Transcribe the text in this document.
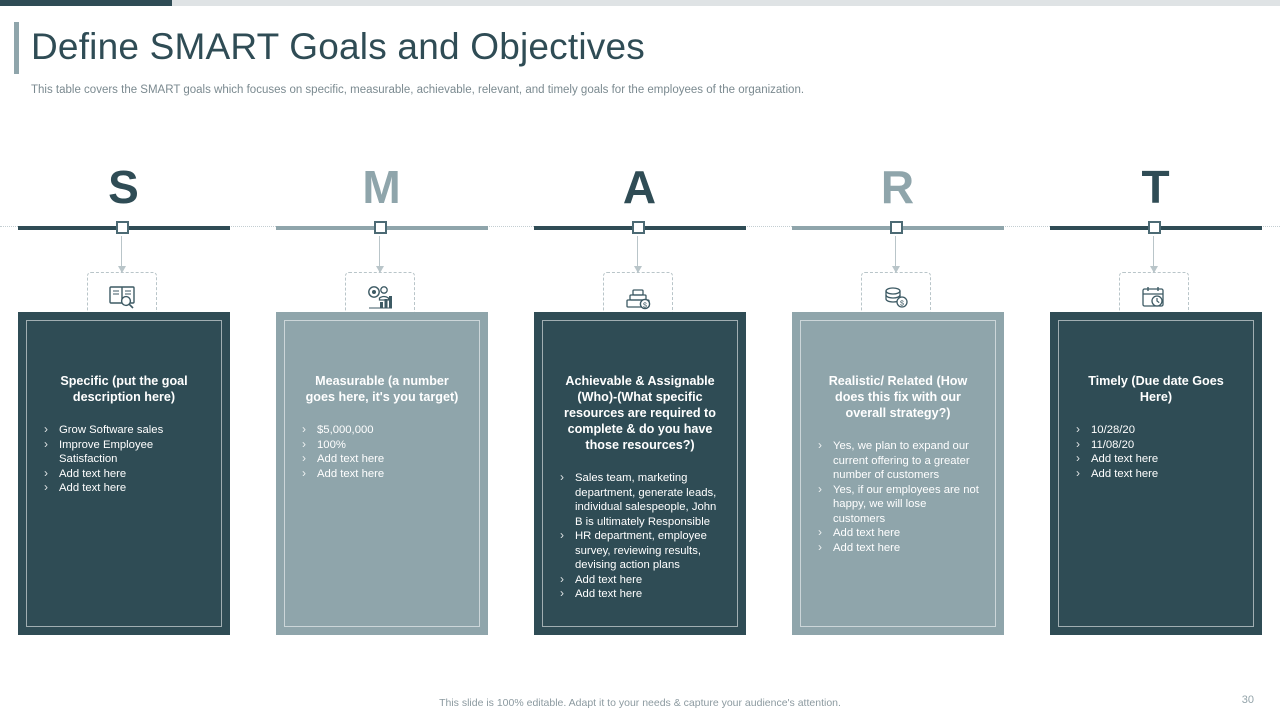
Define SMART Goals and Objectives
This table covers the SMART goals which focuses on specific, measurable, achievable, relevant, and timely goals for the employees of the organization.
S
Specific (put the goal description here)
› Grow Software sales
› Improve Employee Satisfaction
› Add text here
› Add text here
M
Measurable (a number goes here, it's you target)
› $5,000,000
› 100%
› Add text here
› Add text here
A
$
Achievable & Assignable (Who)-(What specific resources are required to complete & do you have those resources?)
› Sales team, marketing department, generate leads, individual salespeople, John B is ultimately Responsible
› HR department, employee survey, reviewing results, devising action plans
› Add text here
› Add text here
R
$
Realistic/ Related (How does this fix with our overall strategy?)
› Yes, we plan to expand our current offering to a greater number of customers
› Yes, if our employees are not happy, we will lose customers
› Add text here
› Add text here
T
Timely (Due date Goes Here)
› 10/28/20
› 11/08/20
› Add text here
› Add text here
This slide is 100% editable. Adapt it to your needs & capture your audience's attention.	30
